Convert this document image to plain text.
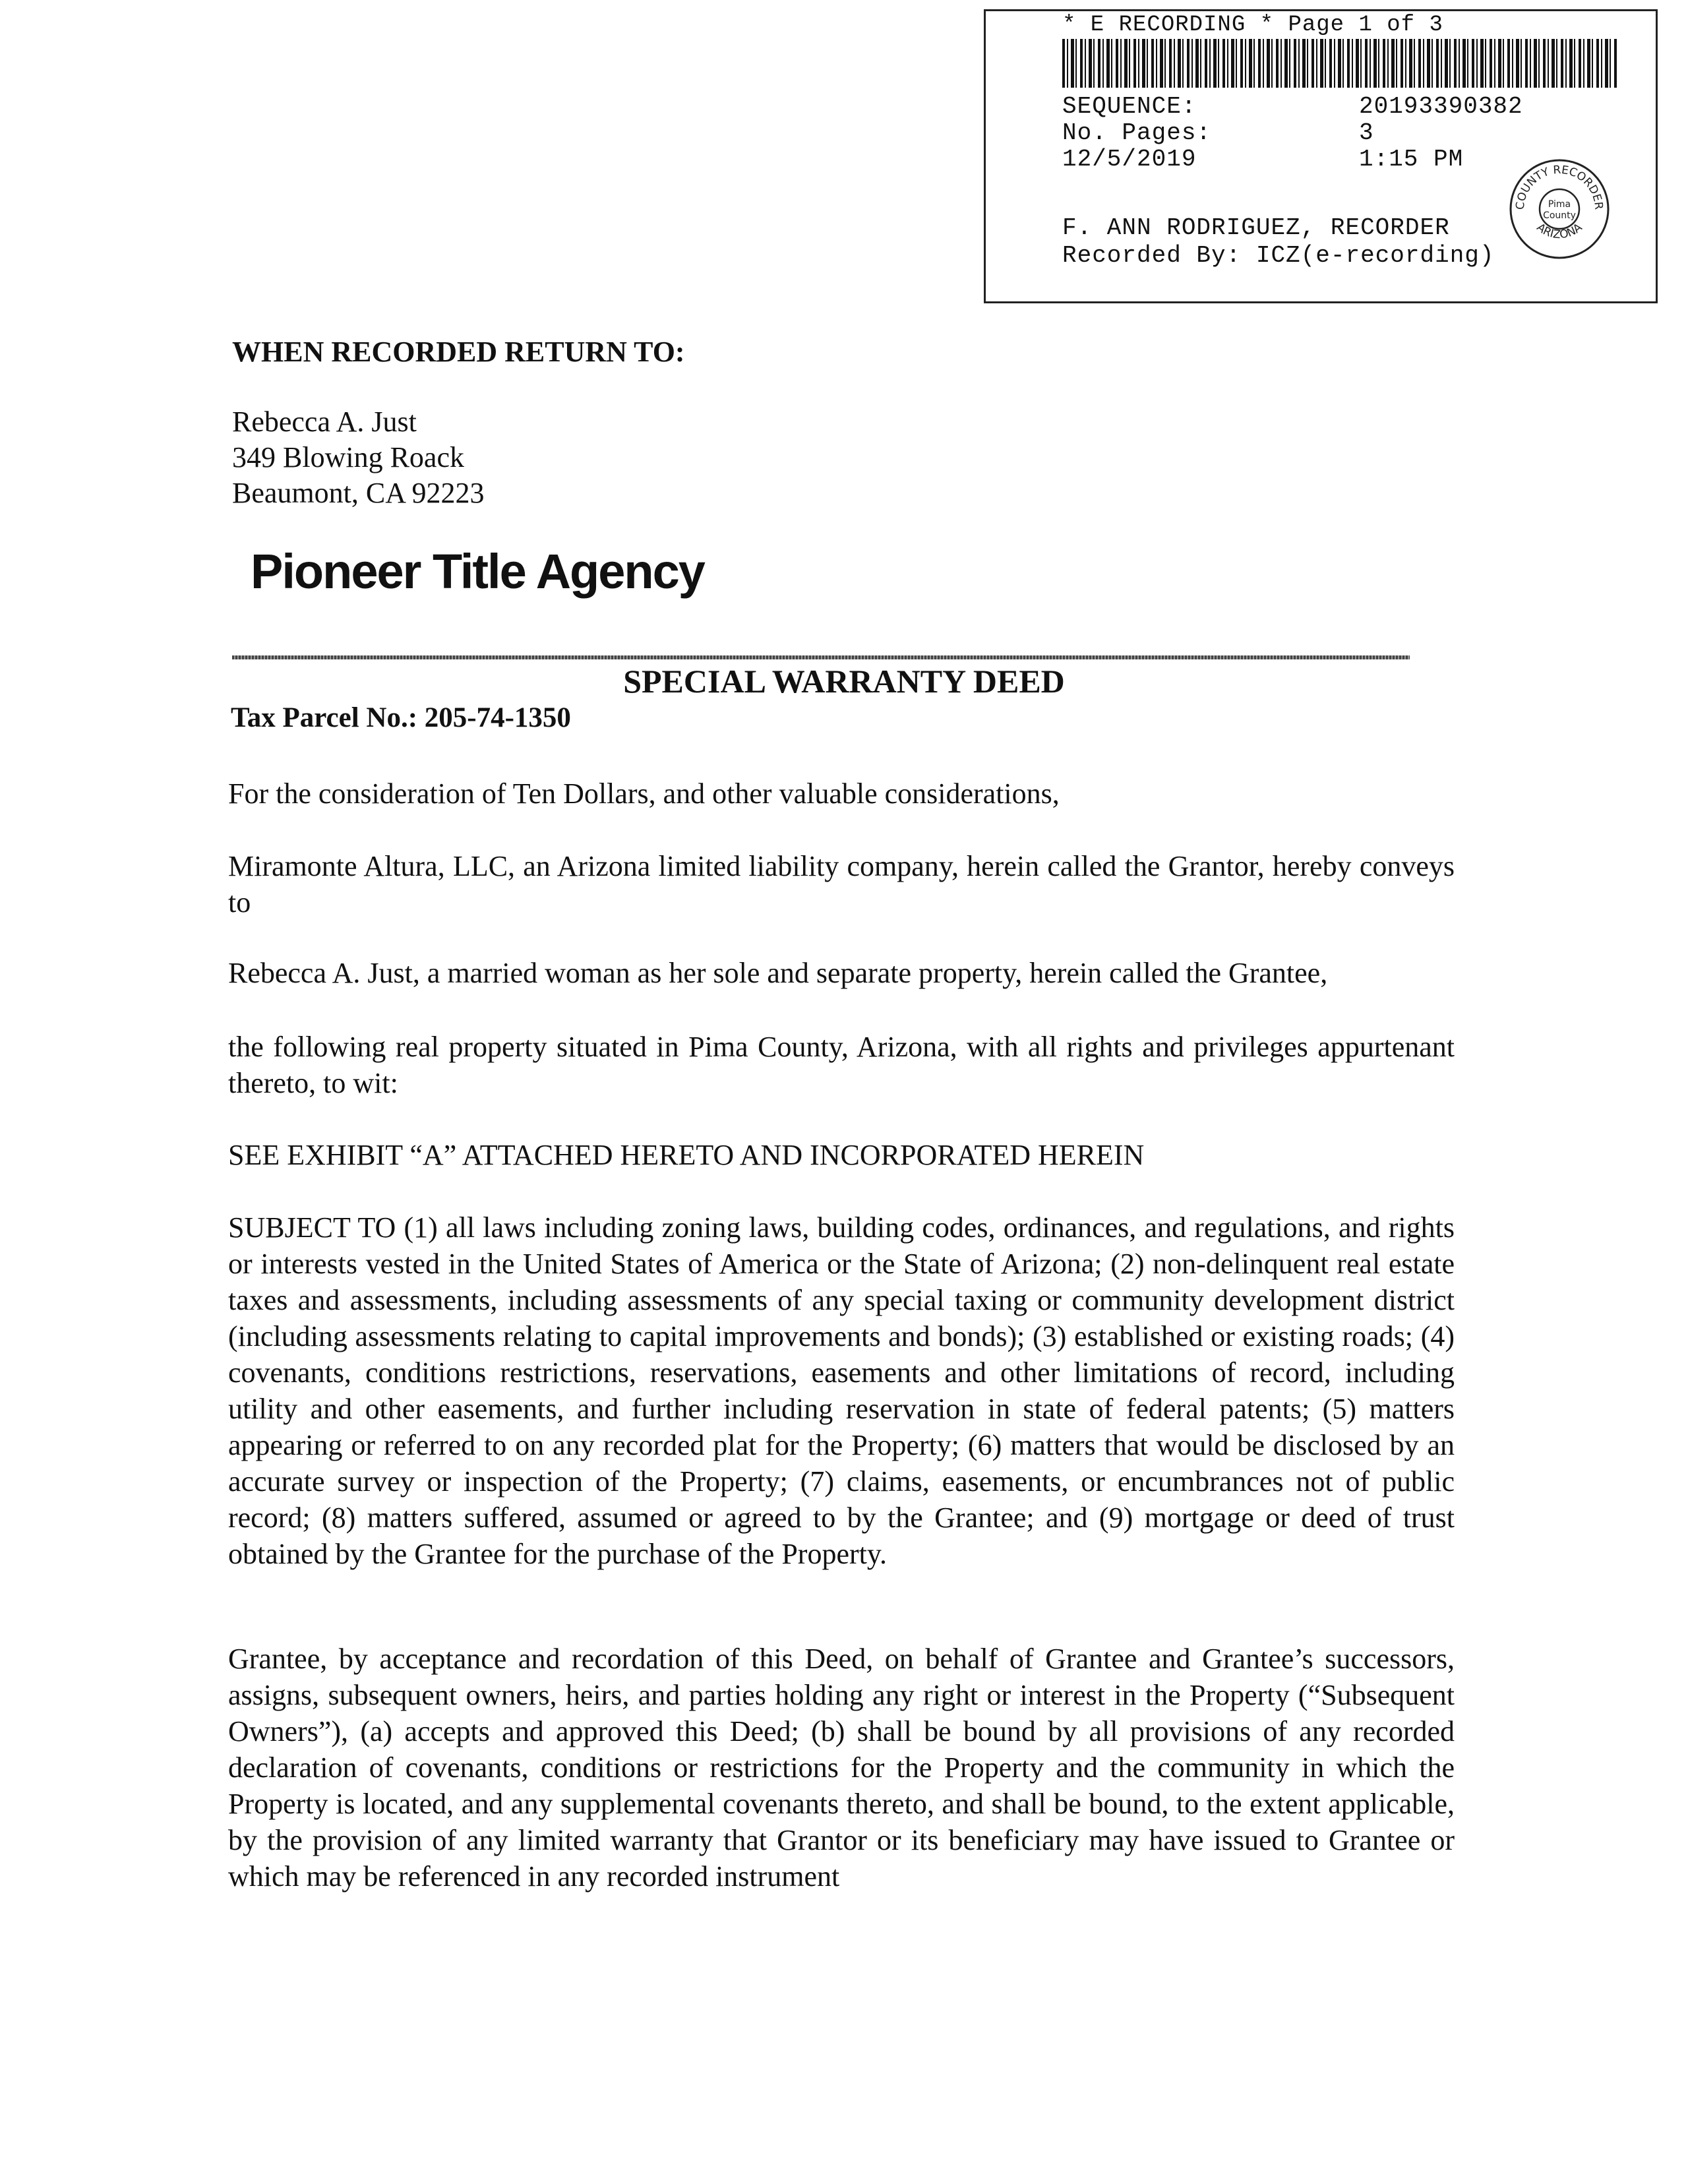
* E RECORDING * Page 1 of 3
SEQUENCE:	20193390382
No. Pages:	3
12/5/2019	1:15 PM
F. ANN RODRIGUEZ, RECORDER
Recorded By: ICZ(e-recording)
COUNTY RECORDER
ARIZONA
Pima
County
WHEN RECORDED RETURN TO:
Rebecca A. Just
349 Blowing Roack
Beaumont, CA 92223
Pioneer Title Agency
SPECIAL WARRANTY DEED
Tax Parcel No.: 205-74-1350
For the consideration of Ten Dollars, and other valuable considerations,
Miramonte Altura, LLC, an Arizona limited liability company, herein called the Grantor, hereby conveys to
Rebecca A. Just, a married woman as her sole and separate property, herein called the Grantee,
the following real property situated in Pima County, Arizona, with all rights and privileges appurtenant thereto, to wit:
SEE EXHIBIT “A” ATTACHED HERETO AND INCORPORATED HEREIN
SUBJECT TO (1) all laws including zoning laws, building codes, ordinances, and regulations, and rights or interests vested in the United States of America or the State of Arizona; (2) non-delinquent real estate taxes and assessments, including assessments of any special taxing or community development district (including assessments relating to capital improvements and bonds); (3) established or existing roads; (4) covenants, conditions restrictions, reservations, easements and other limitations of record, including utility and other easements, and further including reservation in state of federal patents; (5) matters appearing or referred to on any recorded plat for the Property; (6) matters that would be disclosed by an accurate survey or inspection of the Property; (7) claims, easements, or encumbrances not of public record; (8) matters suffered, assumed or agreed to by the Grantee; and (9) mortgage or deed of trust obtained by the Grantee for the purchase of the Property.
Grantee, by acceptance and recordation of this Deed, on behalf of Grantee and Grantee’s successors, assigns, subsequent owners, heirs, and parties holding any right or interest in the Property (“Subsequent Owners”), (a) accepts and approved this Deed; (b) shall be bound by all provisions of any recorded declaration of covenants, conditions or restrictions for the Property and the community in which the Property is located, and any supplemental covenants thereto, and shall be bound, to the extent applicable, by the provision of any limited warranty that Grantor or its beneficiary may have issued to Grantee or which may be referenced in any recorded instrument
